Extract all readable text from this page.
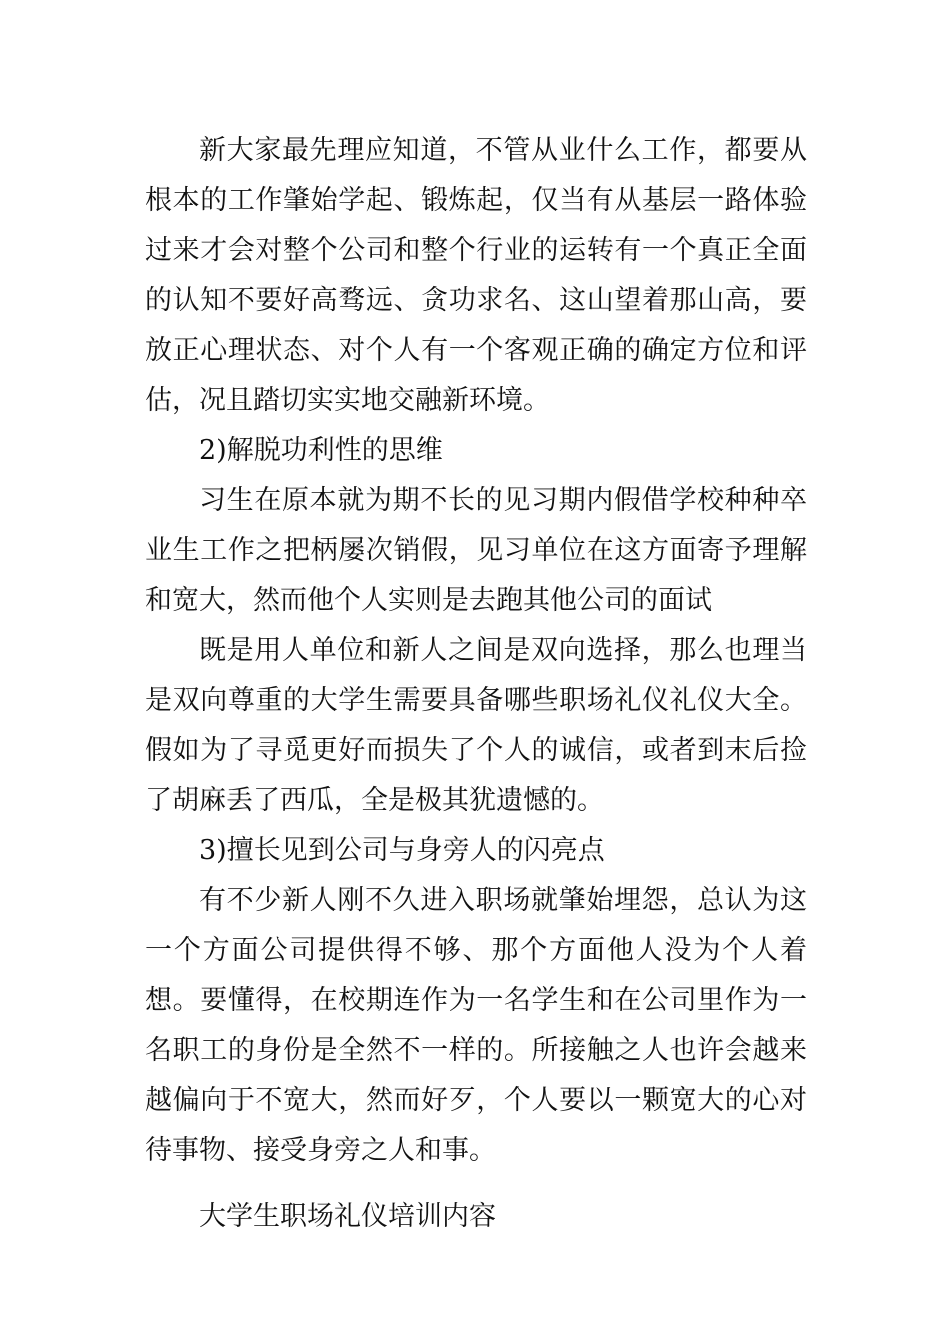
新大家最先理应知道，不管从业什么工作，都要从根本的工作肇始学起、锻炼起，仅当有从基层一路体验过来才会对整个公司和整个行业的运转有一个真正全面的认知不要好高骛远、贪功求名、这山望着那山高，要放正心理状态、对个人有一个客观正确的确定方位和评估，况且踏切实实地交融新环境。

2)解脱功利性的思维

习生在原本就为期不长的见习期内假借学校种种卒业生工作之把柄屡次销假，见习单位在这方面寄予理解和宽大，然而他个人实则是去跑其他公司的面试

既是用人单位和新人之间是双向选择，那么也理当是双向尊重的大学生需要具备哪些职场礼仪礼仪大全。假如为了寻觅更好而损失了个人的诚信，或者到末后捡了胡麻丢了西瓜，全是极其犹遗憾的。

3)擅长见到公司与身旁人的闪亮点

有不少新人刚不久进入职场就肇始埋怨，总认为这一个方面公司提供得不够、那个方面他人没为个人着想。要懂得，在校期连作为一名学生和在公司里作为一名职工的身份是全然不一样的。所接触之人也许会越来越偏向于不宽大，然而好歹，个人要以一颗宽大的心对待事物、接受身旁之人和事。

大学生职场礼仪培训内容
